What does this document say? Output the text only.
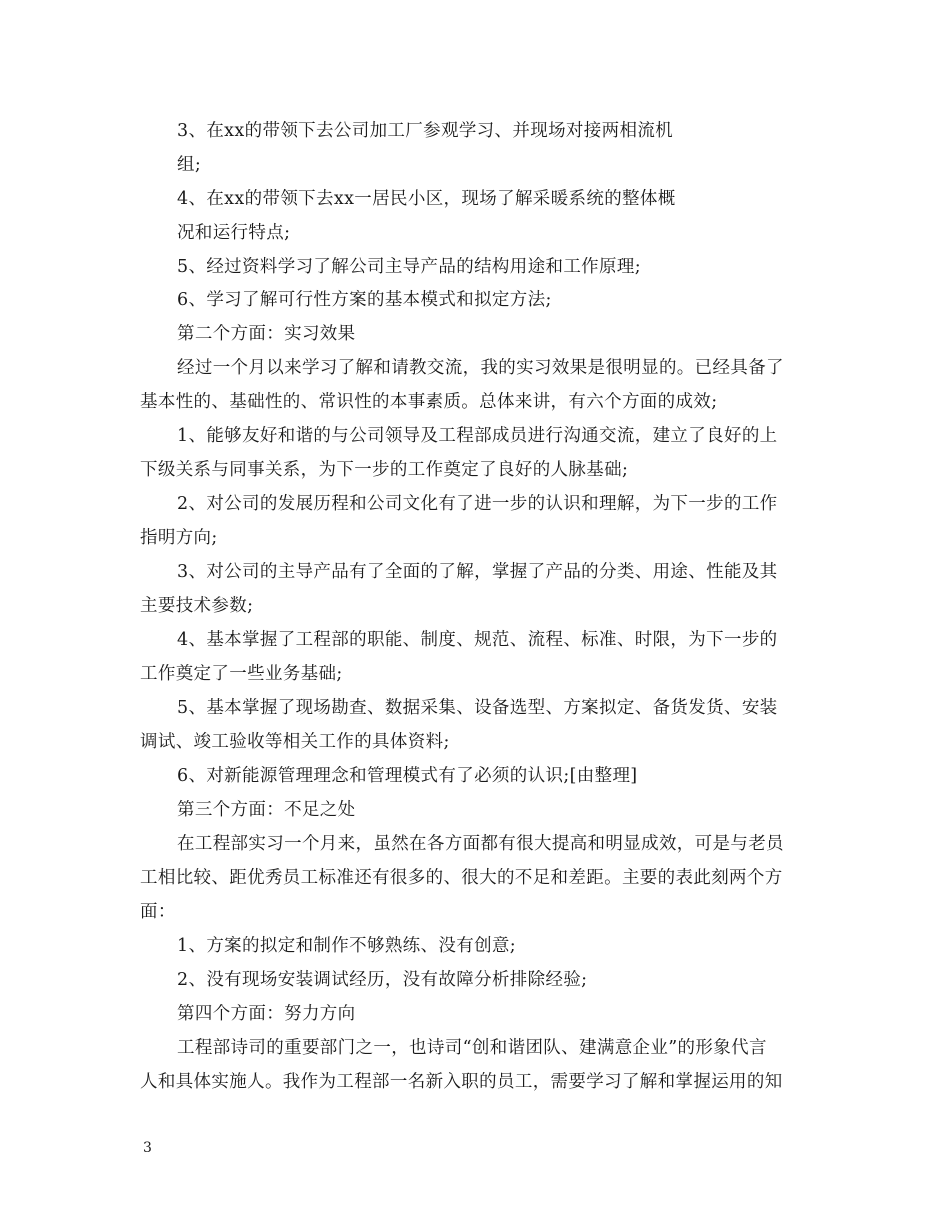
3、在xx的带领下去公司加工厂参观学习、并现场对接两相流机
组;
4、在xx的带领下去xx一居民小区，现场了解采暖系统的整体概
况和运行特点;
5、经过资料学习了解公司主导产品的结构用途和工作原理;
6、学习了解可行性方案的基本模式和拟定方法;
第二个方面：实习效果
经过一个月以来学习了解和请教交流，我的实习效果是很明显的。已经具备了
基本性的、基础性的、常识性的本事素质。总体来讲，有六个方面的成效;
1、能够友好和谐的与公司领导及工程部成员进行沟通交流，建立了良好的上
下级关系与同事关系，为下一步的工作奠定了良好的人脉基础;
2、对公司的发展历程和公司文化有了进一步的认识和理解，为下一步的工作
指明方向;
3、对公司的主导产品有了全面的了解，掌握了产品的分类、用途、性能及其
主要技术参数;
4、基本掌握了工程部的职能、制度、规范、流程、标准、时限，为下一步的
工作奠定了一些业务基础;
5、基本掌握了现场勘查、数据采集、设备选型、方案拟定、备货发货、安装
调试、竣工验收等相关工作的具体资料;
6、对新能源管理理念和管理模式有了必须的认识;[由整理]
第三个方面：不足之处
在工程部实习一个月来，虽然在各方面都有很大提高和明显成效，可是与老员
工相比较、距优秀员工标准还有很多的、很大的不足和差距。主要的表此刻两个方
面：
1、方案的拟定和制作不够熟练、没有创意;
2、没有现场安装调试经历，没有故障分析排除经验;
第四个方面：努力方向
工程部诗司的重要部门之一，也诗司“创和谐团队、建满意企业”的形象代言
人和具体实施人。我作为工程部一名新入职的员工，需要学习了解和掌握运用的知
3
